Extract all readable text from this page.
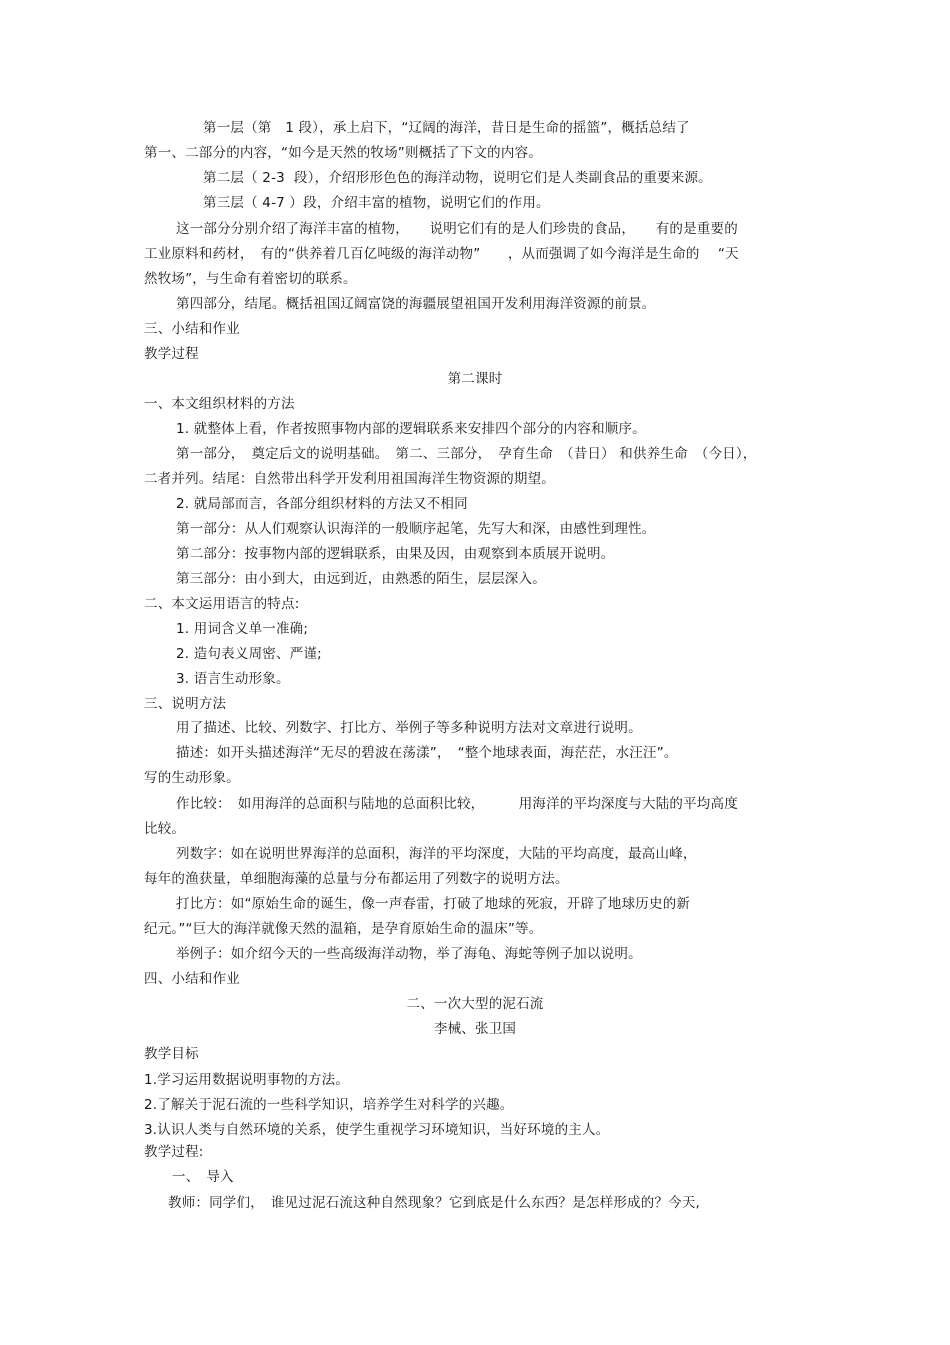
第一层（第　1 段），承上启下，“辽阔的海洋，昔日是生命的摇篮”，概括总结了
第一、二部分的内容，“如今是天然的牧场”则概括了下文的内容。
第二层（ 2-3  段），介绍形形色色的海洋动物，说明它们是人类副食品的重要来源。
第三层（ 4-7 ）段，介绍丰富的植物，说明它们的作用。
这一部分分别介绍了海洋丰富的植物，　　说明它们有的是人们珍贵的食品，　　有的是重要的
工业原料和药材，　有的“供养着几百亿吨级的海洋动物”　　，从而强调了如今海洋是生命的　 “天
然牧场”，与生命有着密切的联系。
第四部分，结尾。概括祖国辽阔富饶的海疆展望祖国开发利用海洋资源的前景。
三、小结和作业
教学过程
第二课时
一、本文组织材料的方法
1. 就整体上看，作者按照事物内部的逻辑联系来安排四个部分的内容和顺序。
第一部分，　奠定后文的说明基础。　第二、三部分，　孕育生命　（昔日） 和供养生命　（今日），
二者并列。结尾：自然带出科学开发利用祖国海洋生物资源的期望。
2. 就局部而言，各部分组织材料的方法又不相同
第一部分：从人们观察认识海洋的一般顺序起笔，先写大和深，由感性到理性。
第二部分：按事物内部的逻辑联系，由果及因，由观察到本质展开说明。
第三部分：由小到大，由远到近，由熟悉的陌生，层层深入。
二、本文运用语言的特点:
1. 用词含义单一准确;
2. 造句表义周密、严谨;
3. 语言生动形象。
三、说明方法
用了描述、比较、列数字、打比方、举例子等多种说明方法对文章进行说明。
描述：如开头描述海洋“无尽的碧波在荡漾”，　“整个地球表面，海茫茫，水汪汪”。
写的生动形象。
作比较：　如用海洋的总面积与陆地的总面积比较，　　　用海洋的平均深度与大陆的平均高度
比较。
列数字：如在说明世界海洋的总面积，海洋的平均深度，大陆的平均高度，最高山峰，
每年的渔获量，单细胞海藻的总量与分布都运用了列数字的说明方法。
打比方：如“原始生命的诞生，像一声春雷，打破了地球的死寂，开辟了地球历史的新
纪元。”“巨大的海洋就像天然的温箱，是孕育原始生命的温床”等。
举例子：如介绍今天的一些高级海洋动物，举了海龟、海蛇等例子加以说明。
四、小结和作业
二、一次大型的泥石流
李械、张卫国
教学目标
1.学习运用数据说明事物的方法。
2.了解关于泥石流的一些科学知识，培养学生对科学的兴趣。
3.认识人类与自然环境的关系，使学生重视学习环境知识，当好环境的主人。
教学过程:
一、　导入
教师：同学们，　谁见过泥石流这种自然现象？它到底是什么东西？是怎样形成的？今天,
